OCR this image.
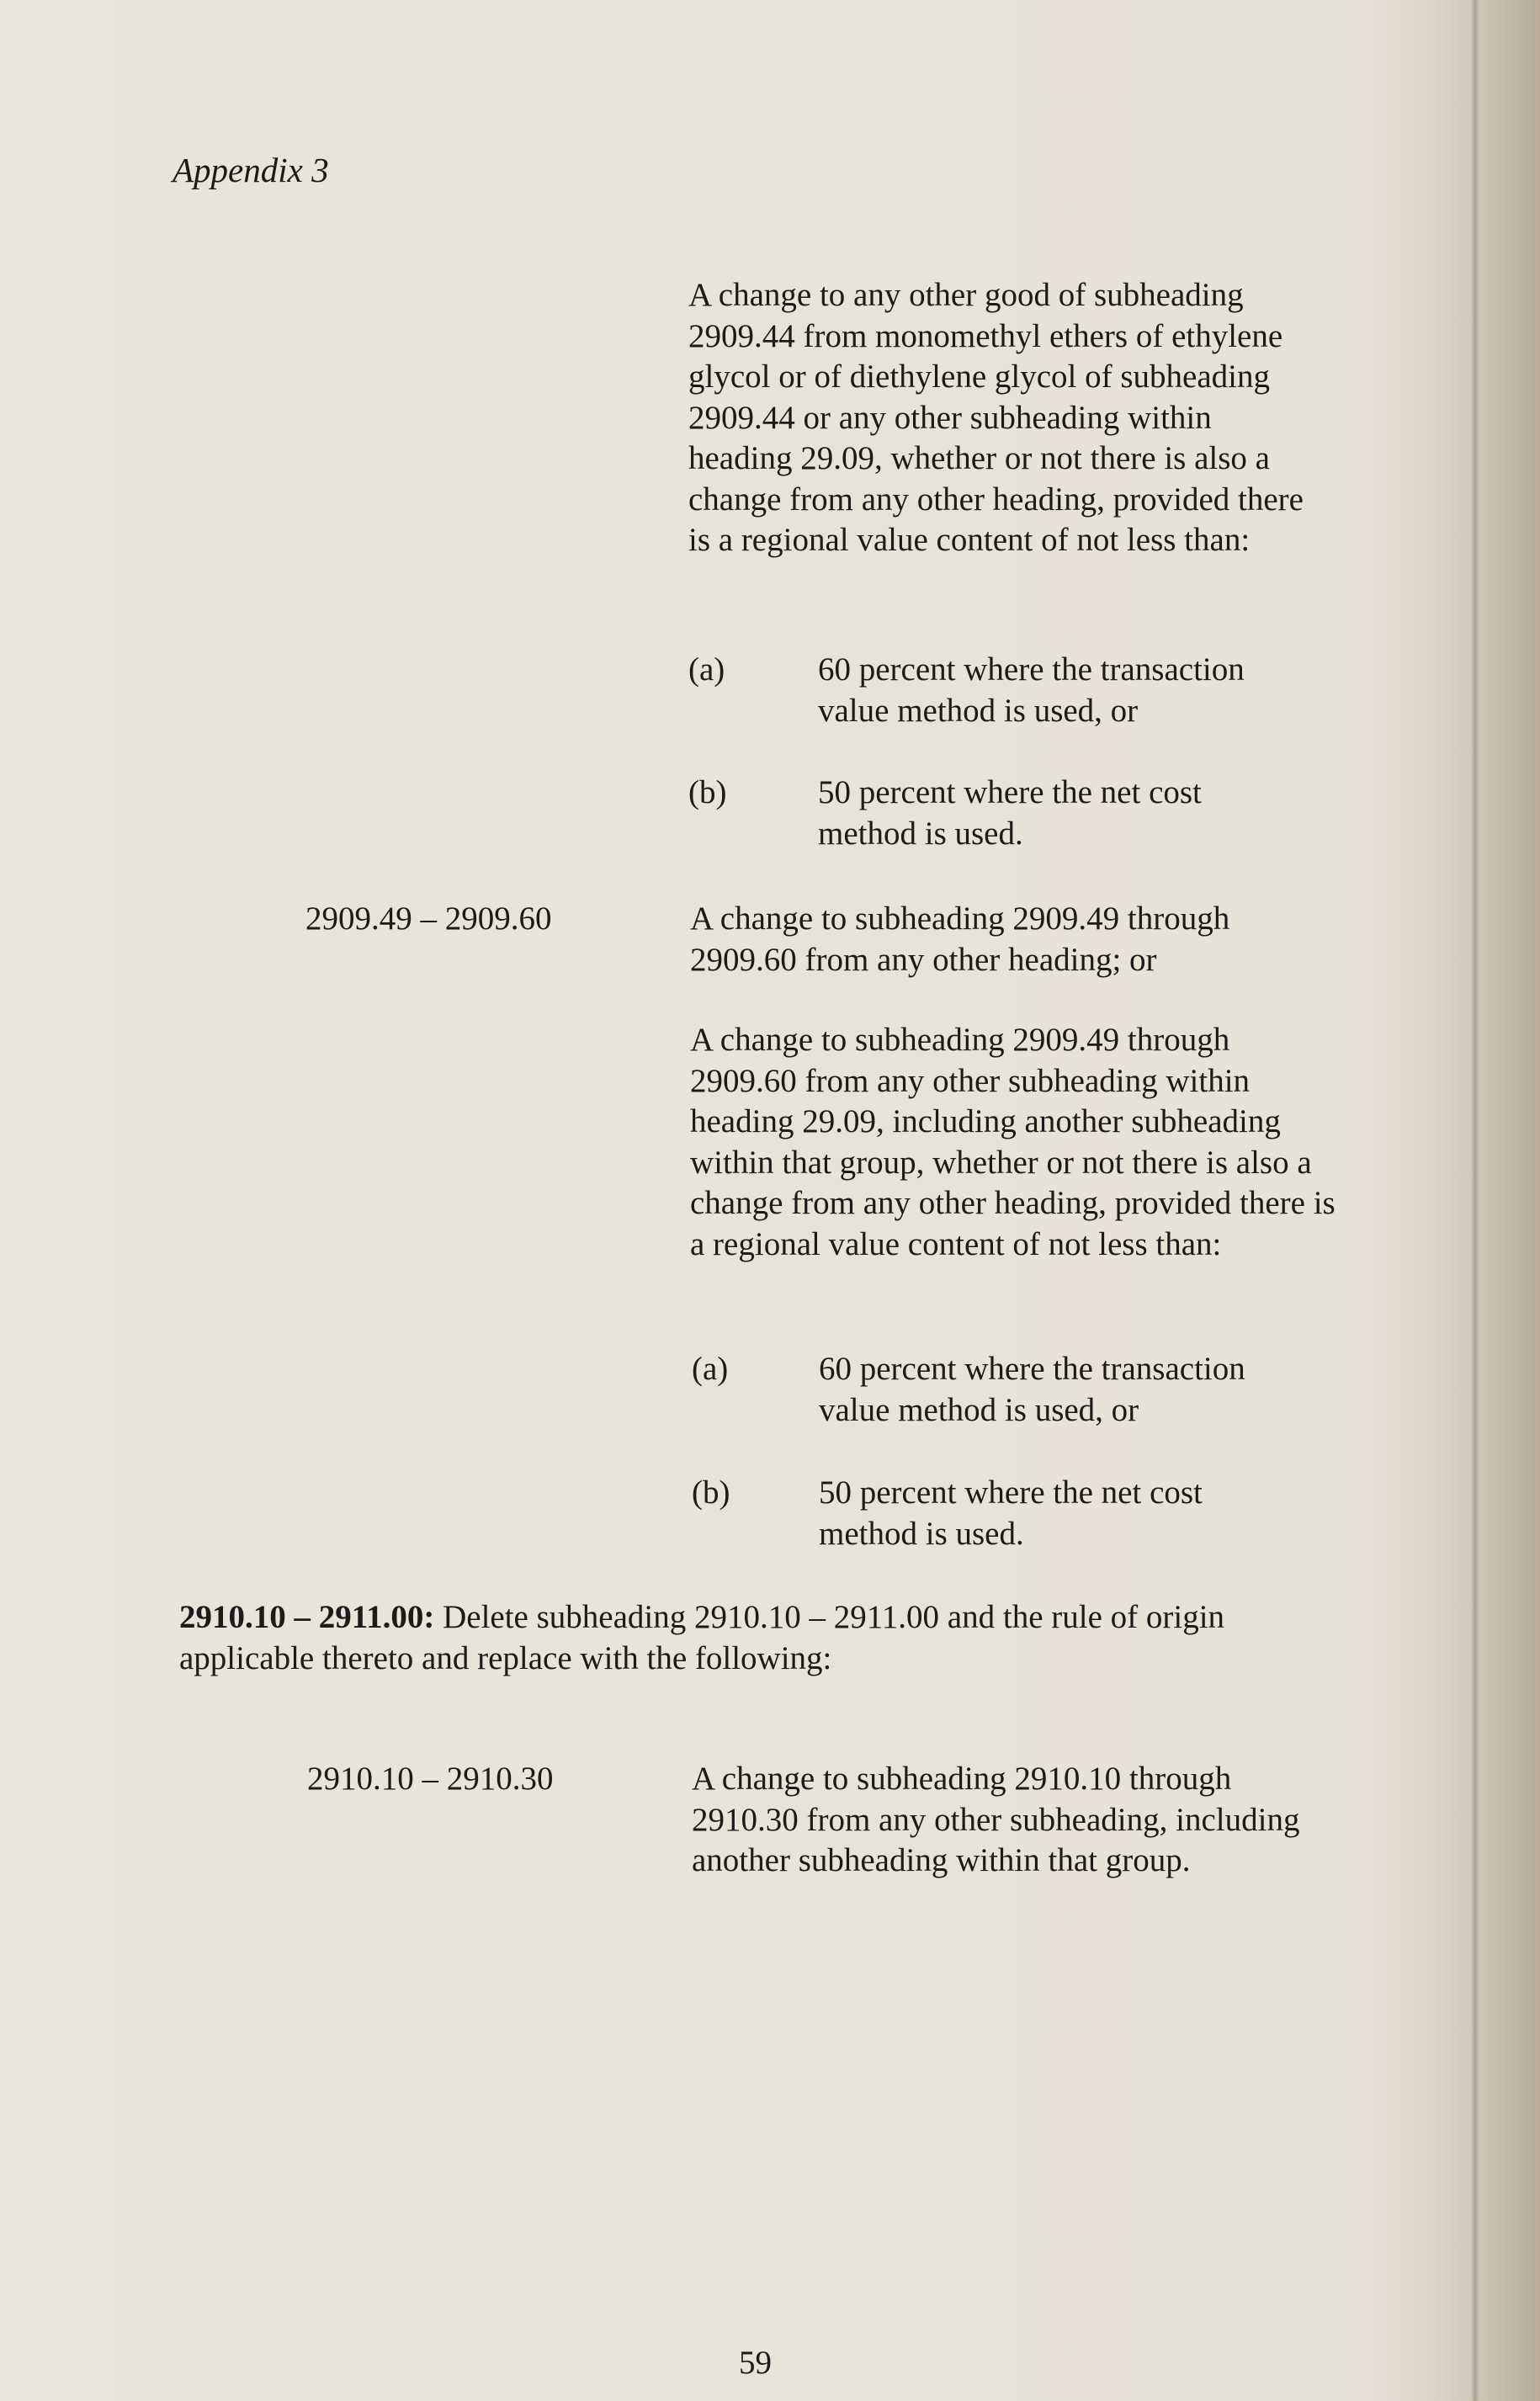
Appendix 3

A change to any other good of subheading 2909.44 from monomethyl ethers of ethylene glycol or of diethylene glycol of subheading 2909.44 or any other subheading within heading 29.09, whether or not there is also a change from any other heading, provided there is a regional value content of not less than:

(a)	60 percent where the transaction value method is used, or
(b)	50 percent where the net cost method is used.
2909.49 – 2909.60	A change to subheading 2909.49 through 2909.60 from any other heading; or

A change to subheading 2909.49 through 2909.60 from any other subheading within heading 29.09, including another subheading within that group, whether or not there is also a change from any other heading, provided there is a regional value content of not less than:

(a)	60 percent where the transaction value method is used, or
(b)	50 percent where the net cost method is used.

2910.10 – 2911.00: Delete subheading 2910.10 – 2911.00 and the rule of origin applicable thereto and replace with the following:

2910.10 – 2910.30	A change to subheading 2910.10 through 2910.30 from any other subheading, including another subheading within that group.

59
